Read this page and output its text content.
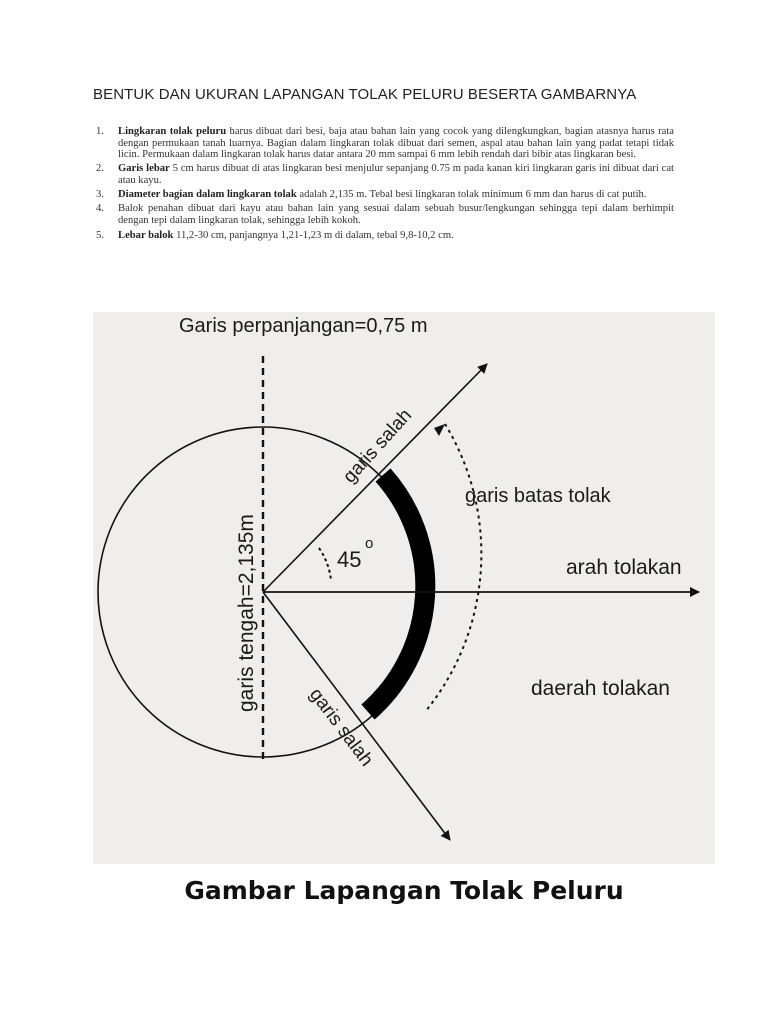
BENTUK DAN UKURAN LAPANGAN TOLAK PELURU BESERTA GAMBARNYA
1. Lingkaran tolak peluru harus dibuat dari besi, baja atau bahan lain yang cocok yang dilengkungkan, bagian atasnya harus rata dengan permukaan tanah luarnya. Bagian dalam lingkaran tolak dibuat dari semen, aspal atau bahan lain yang padat tetapi tidak licin. Permukaan dalam lingkaran tolak harus datar antara 20 mm sampai 6 mm lebih rendah dari bibir atas lingkaran besi.
2. Garis lebar 5 cm harus dibuat di atas lingkaran besi menjulur sepanjang 0.75 m pada kanan kiri lingkaran garis ini dibuat dari cat atau kayu.
3. Diameter bagian dalam lingkaran tolak adalah 2,135 m. Tebal besi lingkaran tolak minimum 6 mm dan harus di cat putih.
4. Balok penahan dibuat dari kayu atau bahan lain yang sesuai dalam sebuah busur/lengkungan sehingga tepi dalam berhimpit dengan tepi dalam lingkaran tolak, sehingga lebih kokoh.
5. Lebar balok 11,2-30 cm, panjangnya 1,21-1,23 m di dalam, tebal 9,8-10,2 cm.
Garis perpanjangan=0,75 m
garis tengah=2,135m
garis salah
garis salah
garis batas tolak
arah tolakan
daerah tolakan
45
o
Gambar Lapangan Tolak Peluru
